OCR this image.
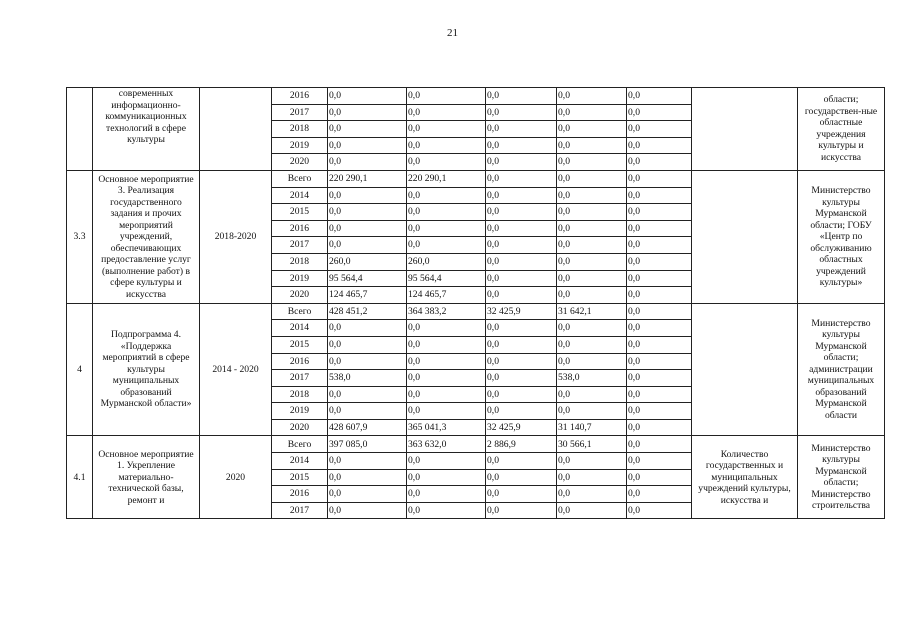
21
	современных информационно-коммуникационных технологий в сфере культуры		2016	0,0	0,0	0,0	0,0	0,0		области; государствен-ные областные учреждения культуры и искусства
			2017	0,0	0,0	0,0	0,0	0,0		
			2018	0,0	0,0	0,0	0,0	0,0		
			2019	0,0	0,0	0,0	0,0	0,0		
			2020	0,0	0,0	0,0	0,0	0,0		
3.3	Основное мероприятие 3. Реализация государственного задания и прочих мероприятий учреждений, обеспечивающих предоставление услуг (выполнение работ) в сфере культуры и искусства	2018-2020	Всего	220 290,1	220 290,1	0,0	0,0	0,0		Министерство культуры Мурманской области; ГОБУ «Центр по обслуживанию областных учреждений культуры»
			2014	0,0	0,0	0,0	0,0	0,0		
			2015	0,0	0,0	0,0	0,0	0,0		
			2016	0,0	0,0	0,0	0,0	0,0		
			2017	0,0	0,0	0,0	0,0	0,0		
			2018	260,0	260,0	0,0	0,0	0,0		
			2019	95 564,4	95 564,4	0,0	0,0	0,0		
			2020	124 465,7	124 465,7	0,0	0,0	0,0		
4	Подпрограмма 4. «Поддержка мероприятий в сфере культуры муниципальных образований Мурманской области»	2014 - 2020	Всего	428 451,2	364 383,2	32 425,9	31 642,1	0,0		Министерство культуры Мурманской области; администрации муниципальных образований Мурманской области
			2014	0,0	0,0	0,0	0,0	0,0		
			2015	0,0	0,0	0,0	0,0	0,0		
			2016	0,0	0,0	0,0	0,0	0,0		
			2017	538,0	0,0	0,0	538,0	0,0		
			2018	0,0	0,0	0,0	0,0	0,0		
			2019	0,0	0,0	0,0	0,0	0,0		
			2020	428 607,9	365 041,3	32 425,9	31 140,7	0,0		
4.1	Основное мероприятие 1. Укрепление материально-технической базы, ремонт и	2020	Всего	397 085,0	363 632,0	2 886,9	30 566,1	0,0	Количество государственных и муниципальных учреждений культуры, искусства и	Министерство культуры Мурманской области; Министерство строительства
			2014	0,0	0,0	0,0	0,0	0,0		
			2015	0,0	0,0	0,0	0,0	0,0		
			2016	0,0	0,0	0,0	0,0	0,0		
			2017	0,0	0,0	0,0	0,0	0,0		
